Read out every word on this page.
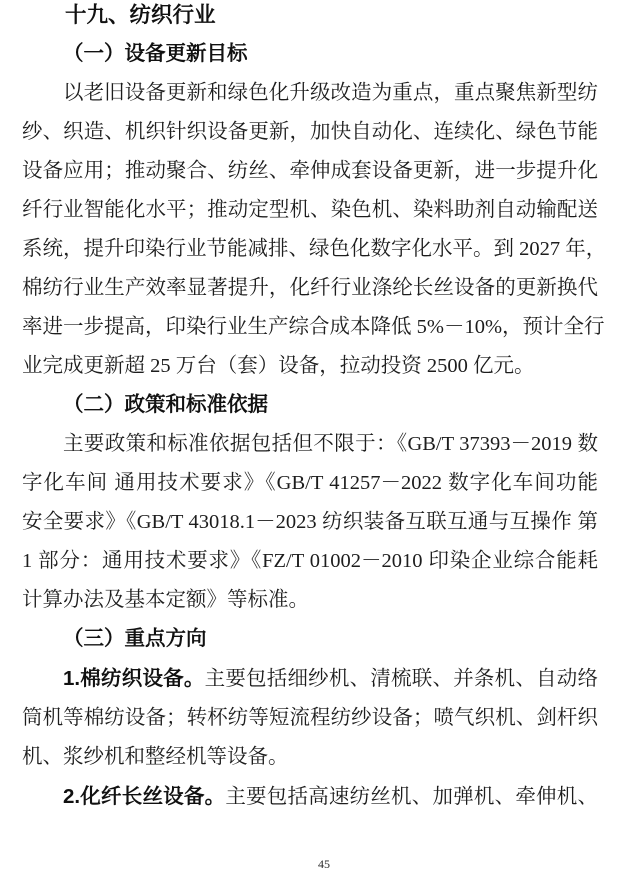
十九、纺织行业
（一）设备更新目标
以老旧设备更新和绿色化升级改造为重点，重点聚焦新型纺
纱、织造、机织针织设备更新，加快自动化、连续化、绿色节能
设备应用；推动聚合、纺丝、牵伸成套设备更新，进一步提升化
纤行业智能化水平；推动定型机、染色机、染料助剂自动输配送
系统，提升印染行业节能减排、绿色化数字化水平。到 2027 年，
棉纺行业生产效率显著提升，化纤行业涤纶长丝设备的更新换代
率进一步提高，印染行业生产综合成本降低 5%－10%，预计全行
业完成更新超 25 万台（套）设备，拉动投资 2500 亿元。
（二）政策和标准依据
主要政策和标准依据包括但不限于：《GB/T 37393－2019 数
字化车间 通用技术要求》《GB/T 41257－2022 数字化车间功能
安全要求》《GB/T 43018.1－2023 纺织装备互联互通与互操作 第
1 部分：通用技术要求》《FZ/T 01002－2010 印染企业综合能耗
计算办法及基本定额》等标准。
（三）重点方向
1.棉纺织设备。主要包括细纱机、清梳联、并条机、自动络
筒机等棉纺设备；转杯纺等短流程纺纱设备；喷气织机、剑杆织
机、浆纱机和整经机等设备。
2.化纤长丝设备。主要包括高速纺丝机、加弹机、牵伸机、
45
